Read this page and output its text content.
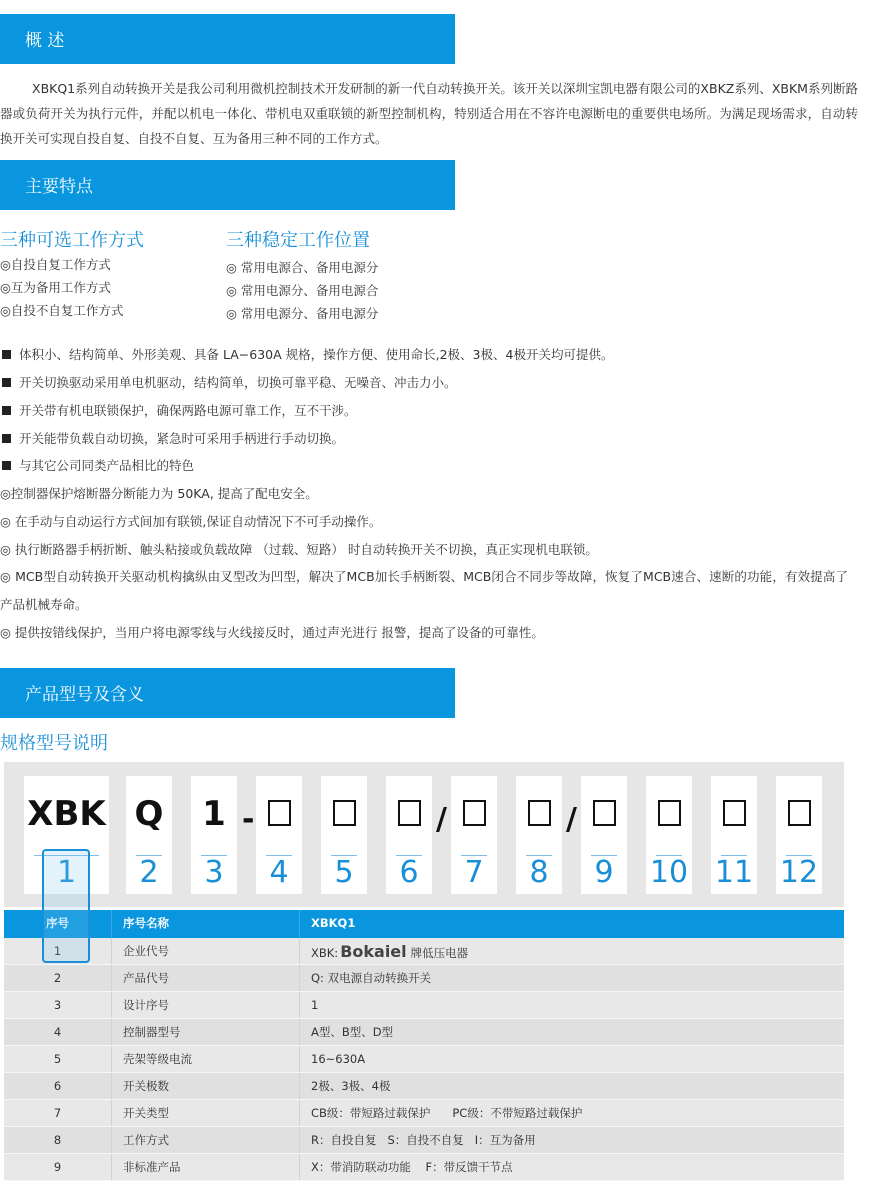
概 述
XBKQ1系列自动转换开关是我公司利用微机控制技术开发研制的新一代自动转换开关。该开关以深圳宝凯电器有限公司的XBKZ系列、XBKM系列断路器或负荷开关为执行元件，并配以机电一体化、带机电双重联锁的新型控制机构，特别适合用在不容许电源断电的重要供电场所。为满足现场需求，自动转换开关可实现自投自复、自投不自复、互为备用三种不同的工作方式。
主要特点
三种可选工作方式
◎自投自复工作方式
◎互为备用工作方式
◎自投不自复工作方式
三种稳定工作位置
◎ 常用电源合、备用电源分
◎ 常用电源分、备用电源合
◎ 常用电源分、备用电源分
体积小、结构简单、外形美观、具备 LA−630A 规格，操作方便、使用命长,2极、3极、4极开关均可提供。
开关切换驱动采用单电机驱动，结构简单，切换可靠平稳、无噪音、冲击力小。
开关带有机电联锁保护，确保两路电源可靠工作，互不干涉。
开关能带负载自动切换，紧急时可采用手柄进行手动切换。
与其它公司同类产品相比的特色
◎控制器保护熔断器分断能力为 50KA, 提高了配电安全。
◎ 在手动与自动运行方式间加有联锁,保证自动情况下不可手动操作。
◎ 执行断路器手柄折断、触头粘接或负载故障 （过载、短路） 时自动转换开关不切换，真正实现机电联锁。
◎ MCB型自动转换开关驱动机构擒纵由叉型改为凹型，解决了MCB加长手柄断裂、MCB闭合不同步等故障，恢复了MCB速合、速断的功能，有效提高了产品机械寿命。
◎ 提供按错线保护，当用户将电源零线与火线接反时，通过声光进行 报警，提高了设备的可靠性。
产品型号及含义
规格型号说明
XBK
1
Q
2
1
3
-
4	5	6
/
7	8
/
9	10 11 12
序号	序号名称	XBKQ1
1	企业代号	XBK: Bokaiel 牌低压电器
2	产品代号	Q: 双电源自动转换开关
3	设计序号	1
4	控制器型号	A型、B型、D型
5	壳架等级电流	16~630A
6	开关极数	2极、3极、4极
7	开关类型	CB级：带短路过载保护      PC级：不带短路过载保护
8	工作方式	R：自投自复   S：自投不自复   I：互为备用
9	非标准产品	X：带消防联动功能    F：带反馈干节点
